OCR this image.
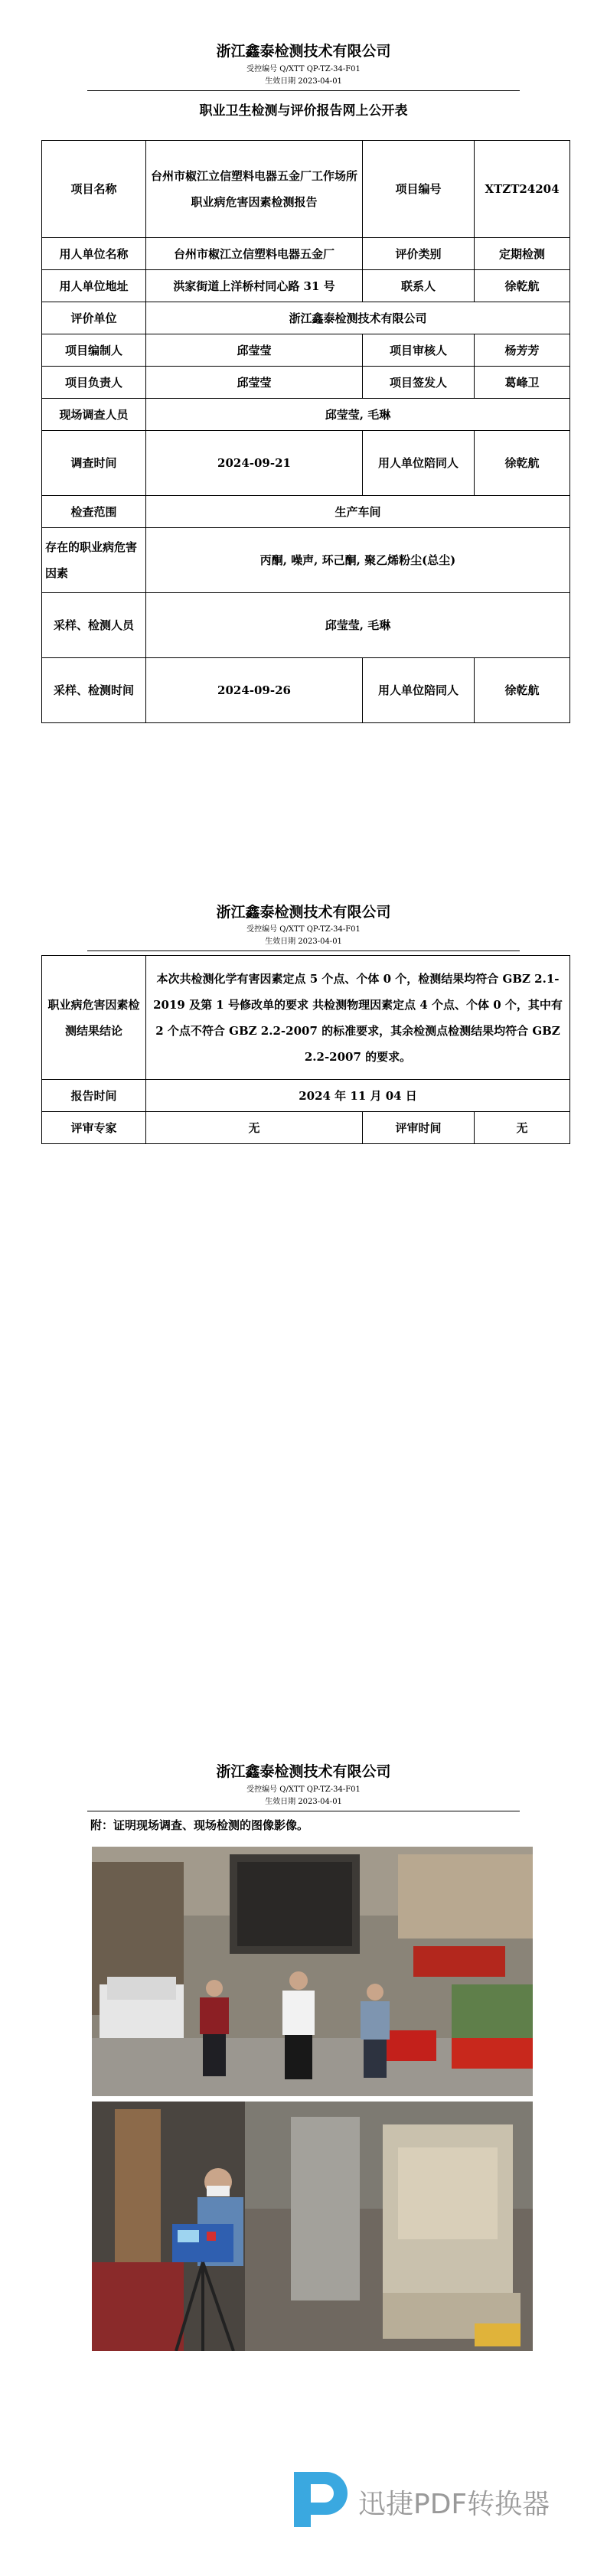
浙江鑫泰检测技术有限公司
受控编号 Q/XTT QP-TZ-34-F01
生效日期 2023-04-01
职业卫生检测与评价报告网上公开表
项目名称	台州市椒江立信塑料电器五金厂工作场所职业病危害因素检测报告	项目编号	XTZT24204
用人单位名称	台州市椒江立信塑料电器五金厂	评价类别	定期检测
用人单位地址	洪家街道上洋桥村同心路 31 号	联系人	徐乾航
评价单位	浙江鑫泰检测技术有限公司		
项目编制人	邱莹莹	项目审核人	杨芳芳
项目负责人	邱莹莹	项目签发人	葛峰卫
现场调查人员	邱莹莹, 毛琳		
调查时间	2024-09-21	用人单位陪同人	徐乾航
检查范围	生产车间		
存在的职业病危害因素	丙酮, 噪声, 环己酮, 聚乙烯粉尘(总尘)		
采样、检测人员	邱莹莹, 毛琳		
采样、检测时间	2024-09-26	用人单位陪同人	徐乾航
浙江鑫泰检测技术有限公司
受控编号 Q/XTT QP-TZ-34-F01
生效日期 2023-04-01
职业病危害因素检测结果结论	本次共检测化学有害因素定点 5 个点、个体 0 个，检测结果均符合 GBZ 2.1-2019 及第 1 号修改单的要求 共检测物理因素定点 4 个点、个体 0 个，其中有 2 个点不符合 GBZ 2.2-2007 的标准要求，其余检测点检测结果均符合 GBZ 2.2-2007 的要求。		
报告时间	2024 年 11 月 04 日		
评审专家	无	评审时间	无
浙江鑫泰检测技术有限公司
受控编号 Q/XTT QP-TZ-34-F01
生效日期 2023-04-01
附：证明现场调查、现场检测的图像影像。
迅捷PDF转换器
